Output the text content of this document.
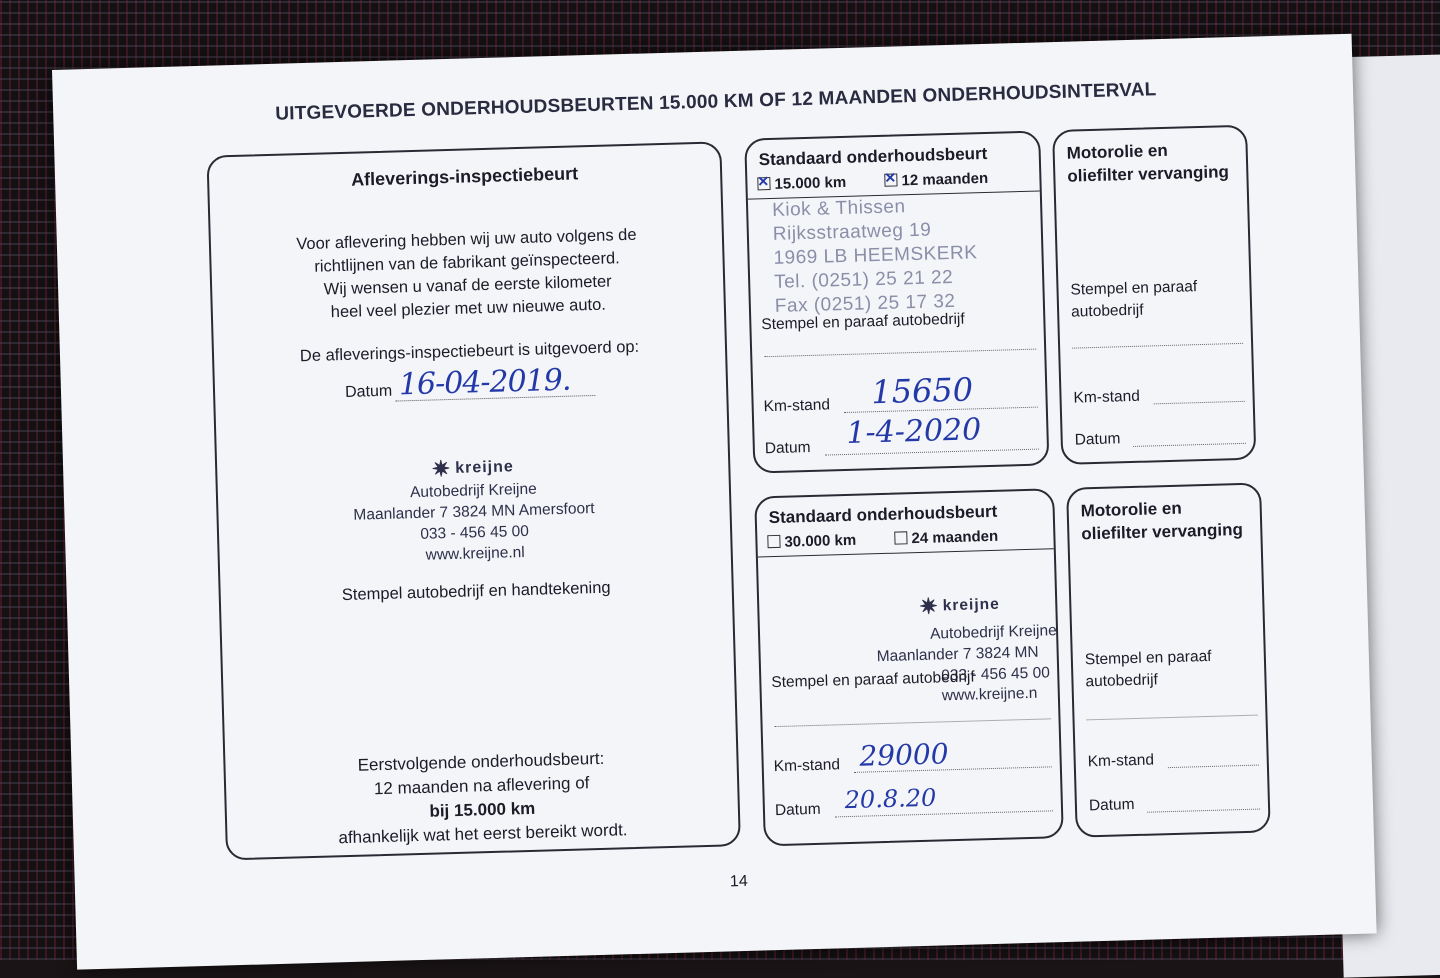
UITGEVOERDE ONDERHOUDSBEURTEN 15.000 KM OF 12 MAANDEN ONDERHOUDSINTERVAL
Afleverings-inspectiebeurt
Voor aflevering hebben wij uw auto volgens de
richtlijnen van de fabrikant geïnspecteerd.
Wij wensen u vanaf de eerste kilometer
heel veel plezier met uw nieuwe auto.
De afleverings-inspectiebeurt is uitgevoerd op:
Datum 16-04-2019.
✷ kreijne
Autobedrijf Kreijne
Maanlander 7 3824 MN Amersfoort
033 - 456 45 00
www.kreijne.nl
Stempel autobedrijf en handtekening
Eerstvolgende onderhoudsbeurt:
12 maanden na aflevering of
bij 15.000 km
afhankelijk wat het eerst bereikt wordt.
Standaard onderhoudsbeurt
✕15.000 km  ✕	12 maanden
Kiok & Thissen
Rijksstraatweg 19
1969 LB HEEMSKERK
Tel. (0251) 25 21 22
Fax (0251) 25 17 32
Stempel en paraaf autobedrijf
Km-stand 15650
Datum 1-4-2020
Motorolie en
oliefilter vervanging
Stempel en paraaf
autobedrijf
Km-stand
Datum
Standaard onderhoudsbeurt
30.000 km	24 maanden
✷ kreijne
Autobedrijf Kreijne
Maanlander 7 3824 MN
033 - 456 45 00
www.kreijne.n
Stempel en paraaf autobedrijf
Km-stand 29000
Datum 20.8.20
Motorolie en
oliefilter vervanging
Stempel en paraaf
autobedrijf
Km-stand
Datum
14
